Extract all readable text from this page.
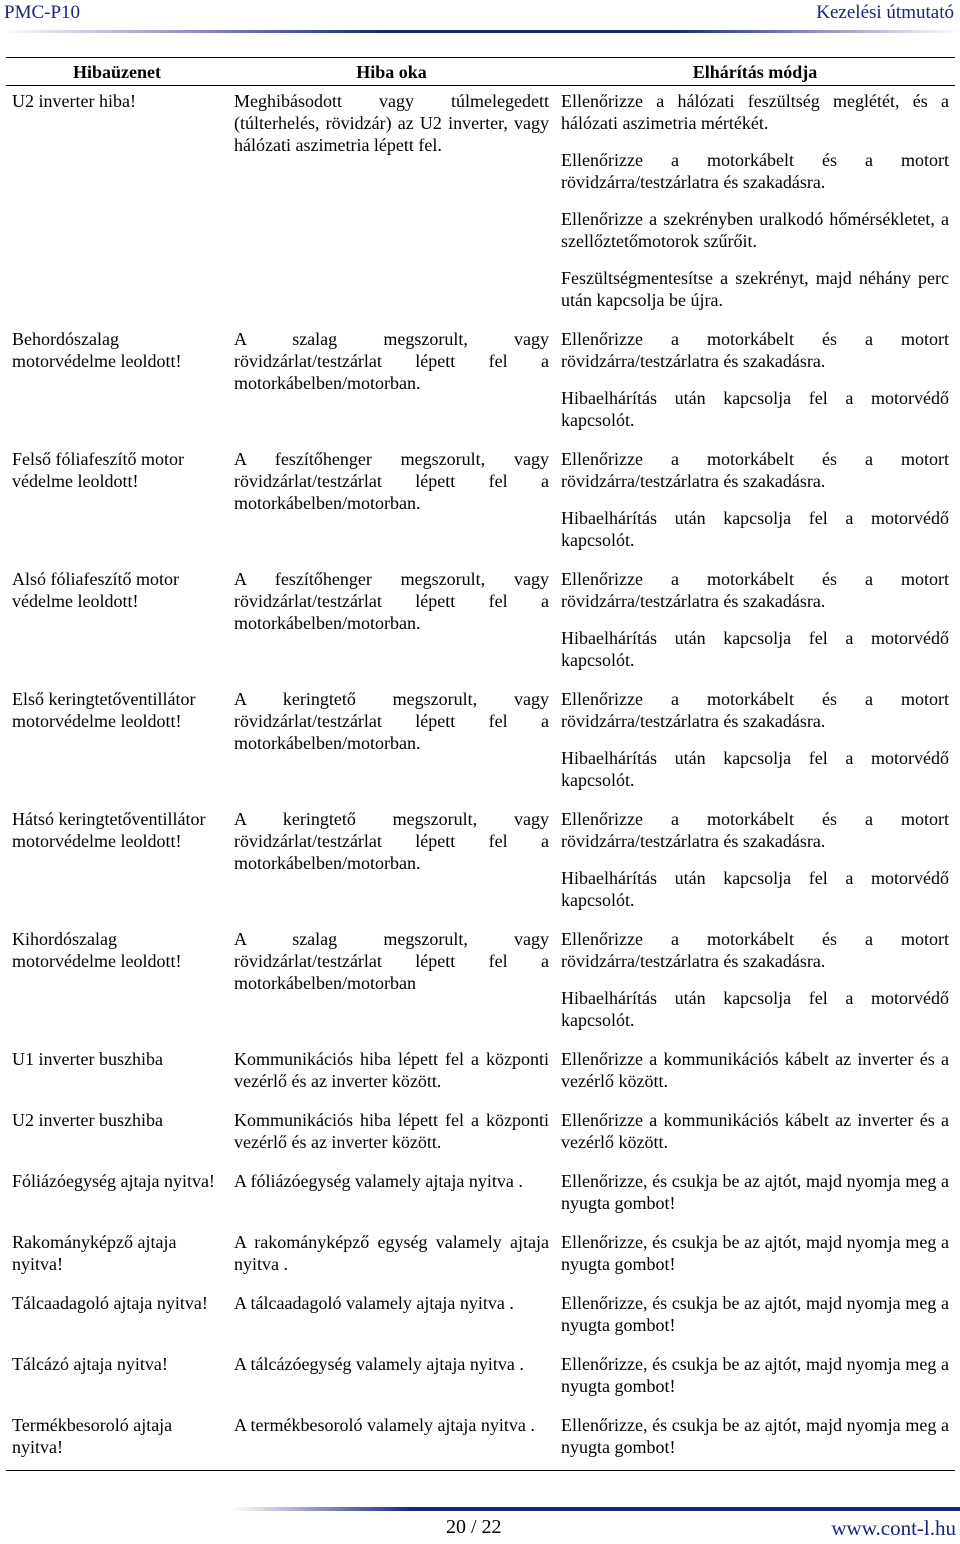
PMC-P10	Kezelési útmutató
Hibaüzenet	Hiba oka	Elhárítás módja
U2 inverter hiba!	Meghibásodott vagy túlmelegedett (túlterhelés, rövidzár) az U2 inverter, vagy hálózati aszimetria lépett fel.	Ellenőrizze a hálózati feszültség meglétét, és a hálózati aszimetria mértékét.

Ellenőrizze a motorkábelt és a motort rövidzárra/testzárlatra és szakadásra.

Ellenőrizze a szekrényben uralkodó hőmérsékletet, a szellőztetőmotorok szűrőit.

Feszültségmentesítse a szekrényt, majd néhány perc után kapcsolja be újra.

Behordószalag motorvédelme leoldott!	A szalag megszorult, vagy rövidzárlat/testzárlat lépett fel a motorkábelben/motorban.	Ellenőrizze a motorkábelt és a motort rövidzárra/testzárlatra és szakadásra.

Hibaelhárítás után kapcsolja fel a motorvédő kapcsolót.

Felső fóliafeszítő motor védelme leoldott!	A feszítőhenger megszorult, vagy rövidzárlat/testzárlat lépett fel a motorkábelben/motorban.	Ellenőrizze a motorkábelt és a motort rövidzárra/testzárlatra és szakadásra.

Hibaelhárítás után kapcsolja fel a motorvédő kapcsolót.

Alsó fóliafeszítő motor védelme leoldott!	A feszítőhenger megszorult, vagy rövidzárlat/testzárlat lépett fel a motorkábelben/motorban.	Ellenőrizze a motorkábelt és a motort rövidzárra/testzárlatra és szakadásra.

Hibaelhárítás után kapcsolja fel a motorvédő kapcsolót.

Első keringtetőventillátor motorvédelme leoldott!	A keringtető megszorult, vagy rövidzárlat/testzárlat lépett fel a motorkábelben/motorban.	Ellenőrizze a motorkábelt és a motort rövidzárra/testzárlatra és szakadásra.

Hibaelhárítás után kapcsolja fel a motorvédő kapcsolót.

Hátsó keringtetőventillátor motorvédelme leoldott!	A keringtető megszorult, vagy rövidzárlat/testzárlat lépett fel a motorkábelben/motorban.	Ellenőrizze a motorkábelt és a motort rövidzárra/testzárlatra és szakadásra.

Hibaelhárítás után kapcsolja fel a motorvédő kapcsolót.

Kihordószalag motorvédelme leoldott!	A szalag megszorult, vagy rövidzárlat/testzárlat lépett fel a motorkábelben/motorban	Ellenőrizze a motorkábelt és a motort rövidzárra/testzárlatra és szakadásra.

Hibaelhárítás után kapcsolja fel a motorvédő kapcsolót.

U1 inverter buszhiba	Kommunikációs hiba lépett fel a központi vezérlő és az inverter között.	Ellenőrizze a kommunikációs kábelt az inverter és a vezérlő között.

U2 inverter buszhiba	Kommunikációs hiba lépett fel a központi vezérlő és az inverter között.	Ellenőrizze a kommunikációs kábelt az inverter és a vezérlő között.

Fóliázóegység ajtaja nyitva!	A fóliázóegység valamely ajtaja nyitva .	Ellenőrizze, és csukja be az ajtót, majd nyomja meg a nyugta gombot!

Rakományképző ajtaja nyitva!	A rakományképző egység valamely ajtaja nyitva .	Ellenőrizze, és csukja be az ajtót, majd nyomja meg a nyugta gombot!

Tálcaadagoló ajtaja nyitva!	A tálcaadagoló valamely ajtaja nyitva .	Ellenőrizze, és csukja be az ajtót, majd nyomja meg a nyugta gombot!

Tálcázó ajtaja nyitva!	A tálcázóegység valamely ajtaja nyitva .	Ellenőrizze, és csukja be az ajtót, majd nyomja meg a nyugta gombot!

Termékbesoroló ajtaja nyitva!	A termékbesoroló valamely ajtaja nyitva .	Ellenőrizze, és csukja be az ajtót, majd nyomja meg a nyugta gombot!

20 / 22	www.cont-l.hu
